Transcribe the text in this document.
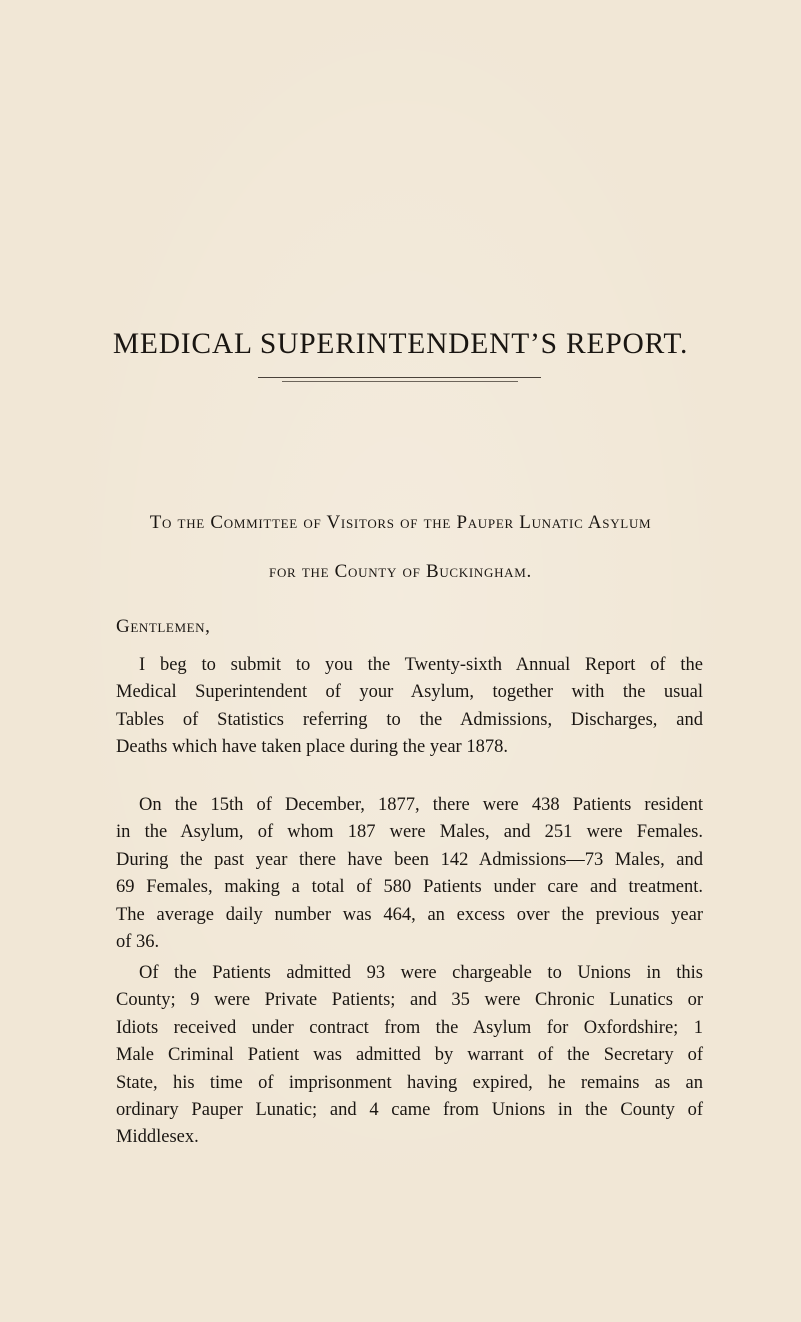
MEDICAL SUPERINTENDENT’S REPORT.
To the Committee of Visitors of the Pauper Lunatic Asylum
for the County of Buckingham.
Gentlemen,
I beg to submit to you the Twenty-sixth Annual Report of the
Medical Superintendent of your Asylum, together with the usual
Tables of Statistics referring to the Admissions, Discharges, and
Deaths which have taken place during the year 1878.
On the 15th of December, 1877, there were 438 Patients resident
in the Asylum, of whom 187 were Males, and 251 were Females.
During the past year there have been 142 Admissions—73 Males, and
69 Females, making a total of 580 Patients under care and treatment.
The average daily number was 464, an excess over the previous year
of 36.
Of the Patients admitted 93 were chargeable to Unions in this
County; 9 were Private Patients; and 35 were Chronic Lunatics or
Idiots received under contract from the Asylum for Oxfordshire; 1
Male Criminal Patient was admitted by warrant of the Secretary of
State, his time of imprisonment having expired, he remains as an
ordinary Pauper Lunatic; and 4 came from Unions in the County of
Middlesex.
